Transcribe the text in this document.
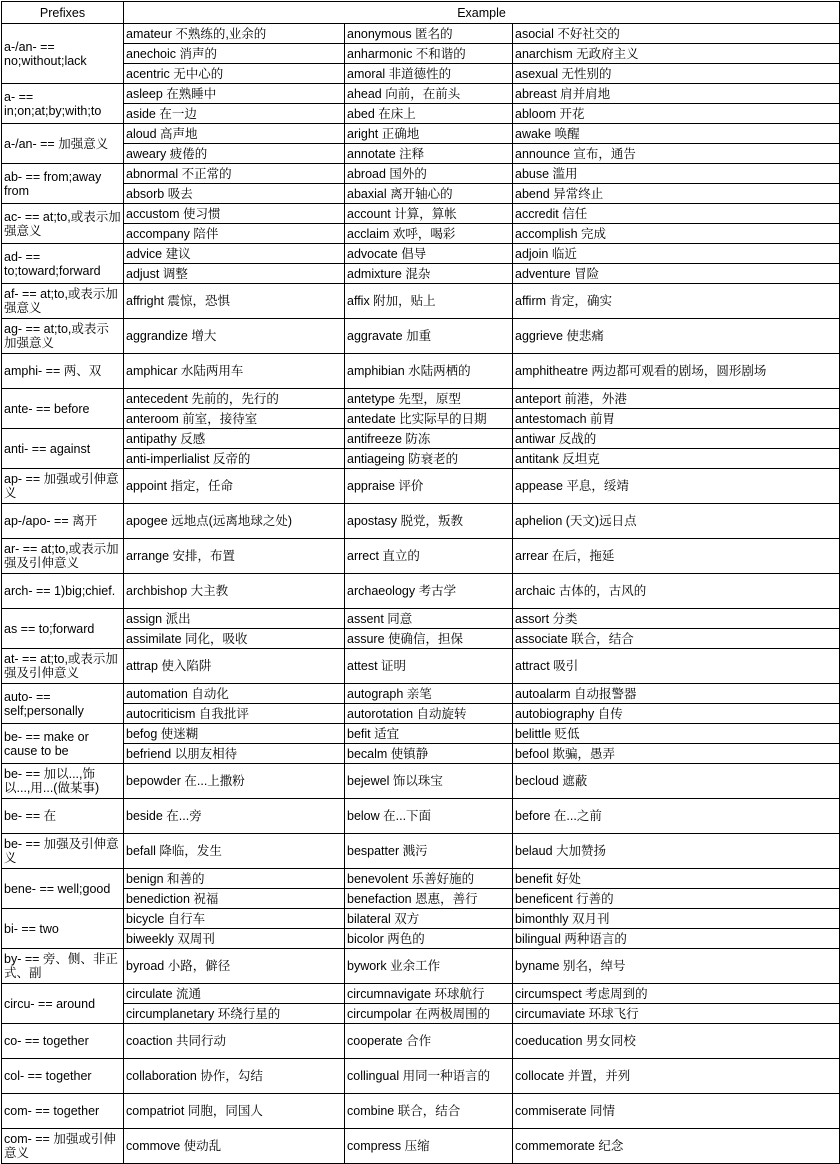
Prefixes	Example		
a-/an- == no;without;lack	amateur 不熟练的,业余的	anonymous 匿名的	asocial 不好社交的
	anechoic 消声的	anharmonic 不和谐的	anarchism 无政府主义
	acentric 无中心的	amoral 非道德性的	asexual 无性别的
a- == in;on;at;by;with;to	asleep 在熟睡中	ahead 向前，在前头	abreast 肩并肩地
	aside 在一边	abed 在床上	abloom 开花
a-/an- == 加强意义	aloud 高声地	aright 正确地	awake 唤醒
	aweary 疲倦的	annotate 注释	announce 宣布，通告
ab- == from;away from	abnormal 不正常的	abroad 国外的	abuse 滥用
	absorb 吸去	abaxial 离开轴心的	abend 异常终止
ac- == at;to,或表示加强意义	accustom 使习惯	account 计算，算帐	accredit 信任
	accompany 陪伴	acclaim 欢呼，喝彩	accomplish 完成
ad- == to;toward;forward	advice 建议	advocate 倡导	adjoin 临近
	adjust 调整	admixture 混杂	adventure 冒险
af- == at;to,或表示加强意义	affright 震惊，恐惧	affix 附加，贴上	affirm 肯定，确实
ag- == at;to,或表示加强意义	aggrandize 增大	aggravate 加重	aggrieve 使悲痛
amphi- == 两、双	amphicar 水陆两用车	amphibian 水陆两栖的	amphitheatre 两边都可观看的剧场，圆形剧场
ante- == before	antecedent 先前的，先行的	antetype 先型，原型	anteport 前港，外港
	anteroom 前室，接待室	antedate 比实际早的日期	antestomach 前胃
anti- == against	antipathy 反感	antifreeze 防冻	antiwar 反战的
	anti-imperlialist 反帝的	antiageing 防衰老的	antitank 反坦克
ap- == 加强或引伸意义	appoint 指定，任命	appraise 评价	appease 平息，绥靖
ap-/apo- == 离开	apogee 远地点(远离地球之处)	apostasy 脱党，叛教	aphelion (天文)远日点
ar- == at;to,或表示加强及引伸意义	arrange 安排，布置	arrect 直立的	arrear 在后，拖延
arch- == 1)big;chief.	archbishop 大主教	archaeology 考古学	archaic 古体的，古风的
as == to;forward	assign 派出	assent 同意	assort 分类
	assimilate 同化，吸收	assure 使确信，担保	associate 联合，结合
at- == at;to,或表示加强及引伸意义	attrap 使入陷阱	attest 证明	attract 吸引
auto- == self;personally	automation 自动化	autograph 亲笔	autoalarm 自动报警器
	autocriticism 自我批评	autorotation 自动旋转	autobiography 自传
be- == make or cause to be	befog 使迷糊	befit 适宜	belittle 贬低
	befriend 以朋友相待	becalm 使镇静	befool 欺骗，愚弄
be- == 加以...,饰以...,用...(做某事)	bepowder 在...上撒粉	bejewel 饰以珠宝	becloud 遮蔽
be- == 在	beside 在...旁	below 在...下面	before 在...之前
be- == 加强及引伸意义	befall 降临，发生	bespatter 溅污	belaud 大加赞扬
bene- == well;good	benign 和善的	benevolent 乐善好施的	benefit 好处
	benediction 祝福	benefaction 恩惠，善行	beneficent 行善的
bi- == two	bicycle 自行车	bilateral 双方	bimonthly 双月刊
	biweekly 双周刊	bicolor 两色的	bilingual 两种语言的
by- == 旁、侧、非正式、副	byroad 小路，僻径	bywork 业余工作	byname 别名，绰号
circu- == around	circulate 流通	circumnavigate 环球航行	circumspect 考虑周到的
	circumplanetary 环绕行星的	circumpolar 在两极周围的	circumaviate 环球飞行
co- == together	coaction 共同行动	cooperate 合作	coeducation 男女同校
col- == together	collaboration 协作，勾结	collingual 用同一种语言的	collocate 并置，并列
com- == together	compatriot 同胞，同国人	combine 联合，结合	commiserate 同情
com- == 加强或引伸意义	commove 使动乱	compress 压缩	commemorate 纪念
